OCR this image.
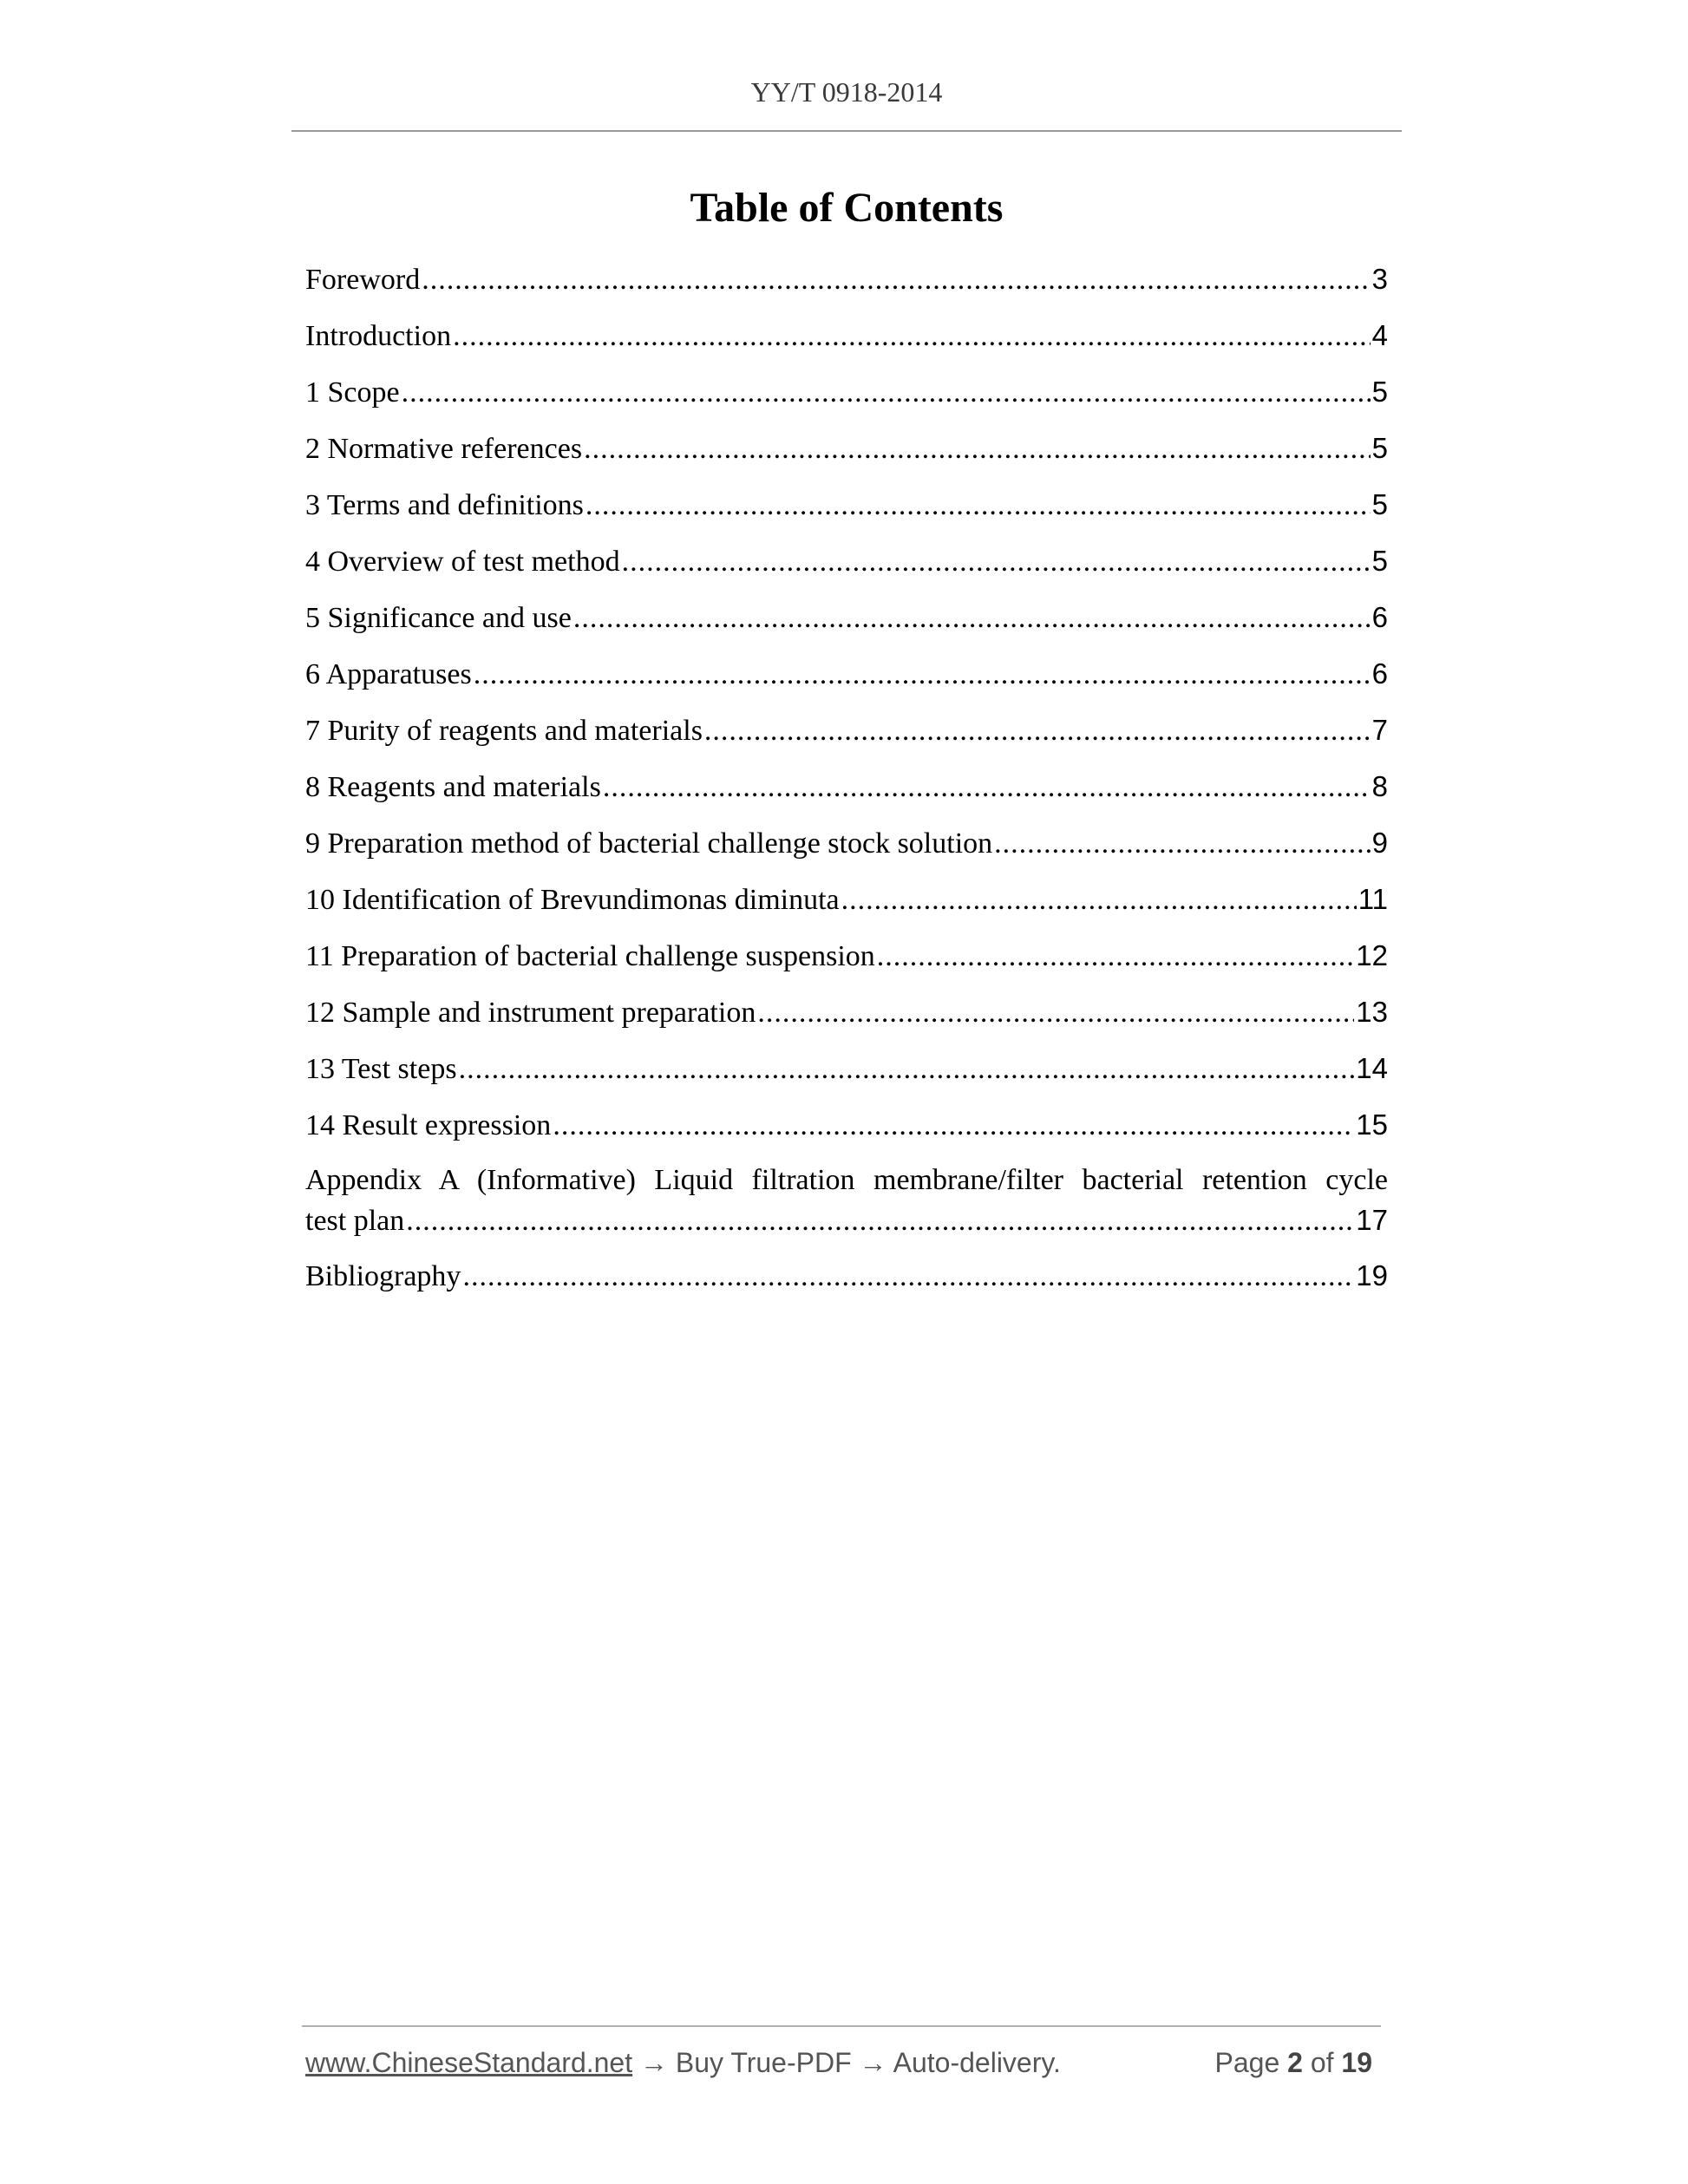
YY/T 0918-2014
Table of Contents
Foreword .....	3
Introduction .....	4
1 Scope .....	5
2 Normative references .....	5
3 Terms and definitions .....	5
4 Overview of test method .....	5
5 Significance and use .....	6
6 Apparatuses .....	6
7 Purity of reagents and materials .....	7
8 Reagents and materials .....	8
9 Preparation method of bacterial challenge stock solution .....	9
10 Identification of Brevundimonas diminuta .....	11
11 Preparation of bacterial challenge suspension .....	12
12 Sample and instrument preparation .....	13
13 Test steps .....	14
14 Result expression .....	15
Appendix A (Informative) Liquid filtration membrane/filter bacterial retention cycle
test plan .....	17
Bibliography .....	19
www.ChineseStandard.net → Buy True-PDF → Auto-delivery.	Page 2 of 19
